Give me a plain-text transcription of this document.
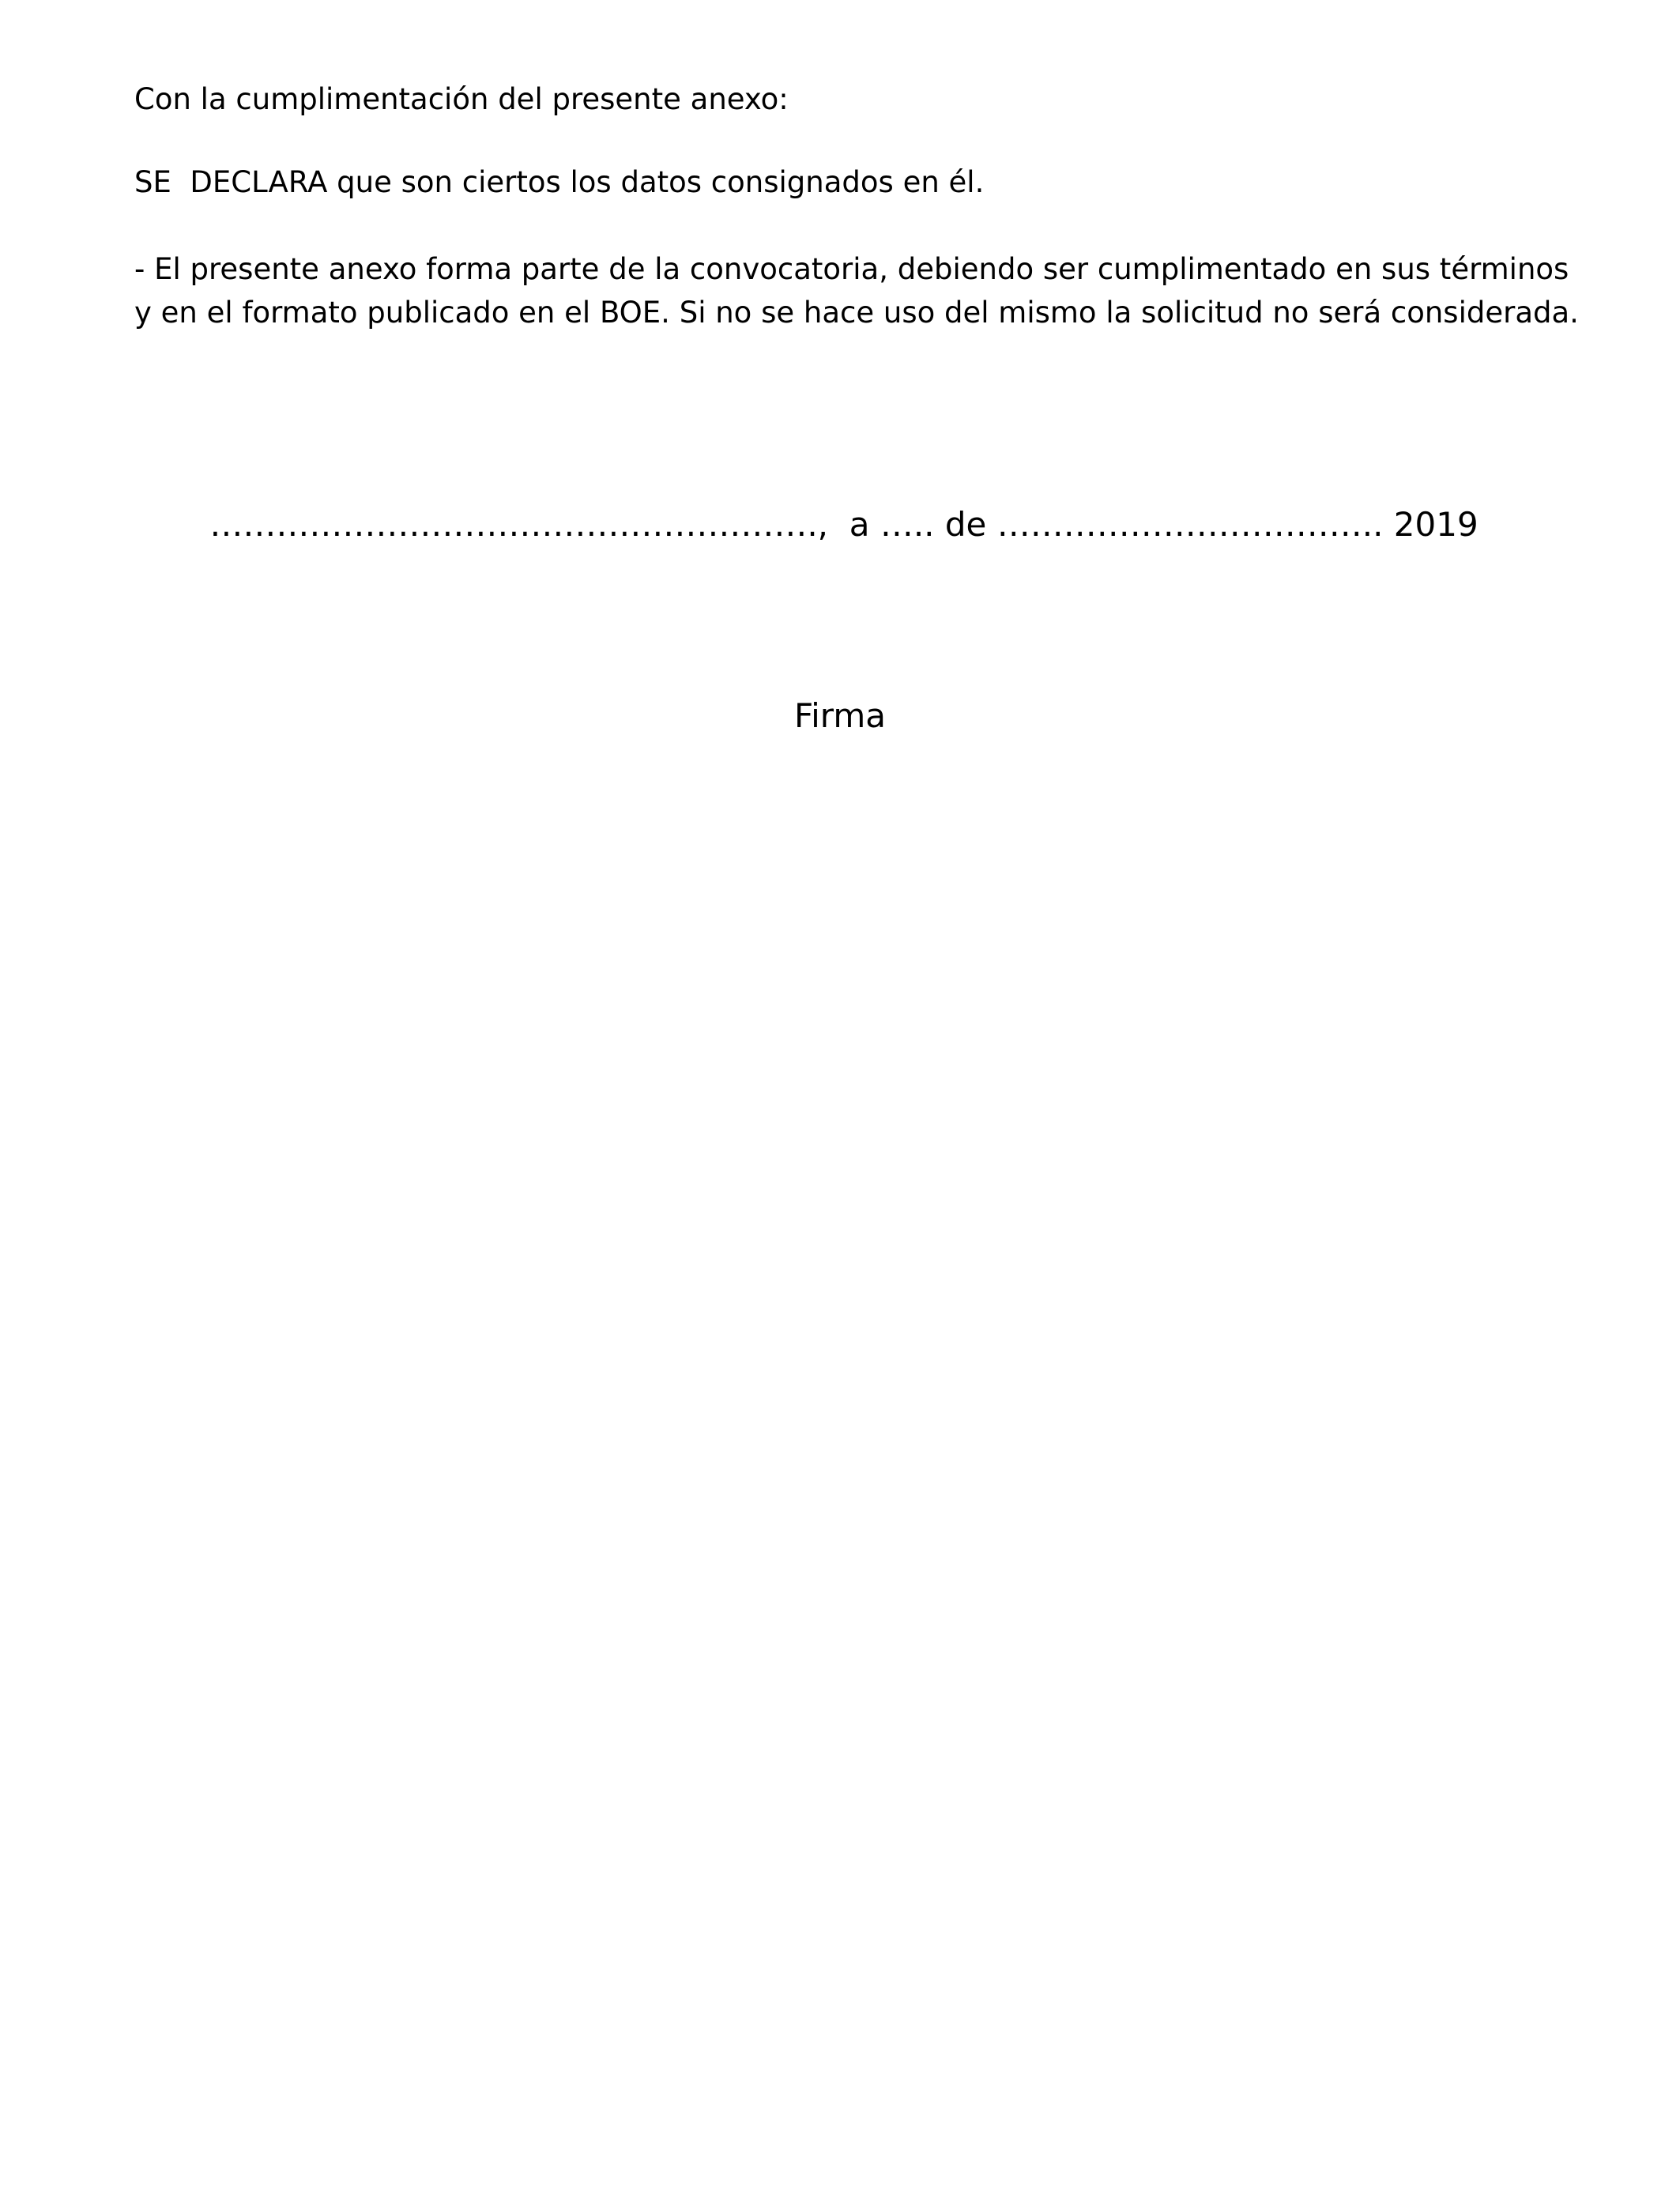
Con la cumplimentación del presente anexo:

SE  DECLARA que son ciertos los datos consignados en él.

- El presente anexo forma parte de la convocatoria, debiendo ser cumplimentado en sus términos

y en el formato publicado en el BOE. Si no se hace uso del mismo la solicitud no será considerada.

……………………………………………….,  a ….. de …………………………….. 2019

Firma
